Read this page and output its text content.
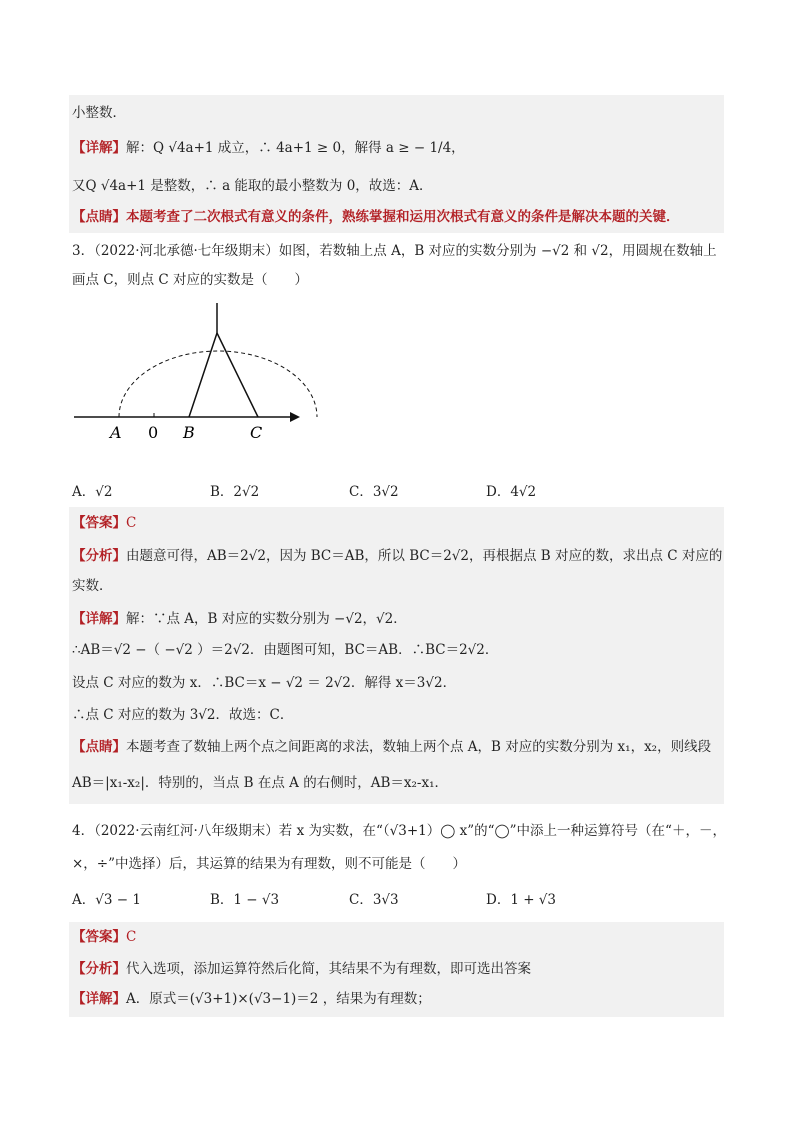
小整数．
【详解】解：Q √4a+1 成立，∴ 4a+1 ≥ 0，解得 a ≥ − 1/4，
又Q √4a+1 是整数，∴ a 能取的最小整数为 0，故选：A．
【点睛】本题考查了二次根式有意义的条件，熟练掌握和运用次根式有意义的条件是解决本题的关键．
3．（2022·河北承德·七年级期末）如图，若数轴上点 A，B 对应的实数分别为 −√2 和 √2，用圆规在数轴上
画点 C，则点 C 对应的实数是（　　）
A 0 B	C
A．√2	B．2√2	C．3√2	D．4√2
【答案】C
【分析】由题意可得，AB＝2√2，因为 BC＝AB，所以 BC＝2√2，再根据点 B 对应的数，求出点 C 对应的
实数．
【详解】解：∵点 A，B 对应的实数分别为 −√2，√2．
∴AB＝√2 −（ −√2 ）＝2√2．由题图可知，BC＝AB．∴BC＝2√2．
设点 C 对应的数为 x．∴BC＝x − √2 ＝ 2√2．解得 x＝3√2．
∴点 C 对应的数为 3√2．故选：C．
【点睛】本题考查了数轴上两个点之间距离的求法，数轴上两个点 A，B 对应的实数分别为 x₁，x₂，则线段
AB＝|x₁-x₂|．特别的，当点 B 在点 A 的右侧时，AB＝x₂-x₁．
4．（2022·云南红河·八年级期末）若 x 为实数，在“（√3+1）◯ x”的“◯”中添上一种运算符号（在“＋，－，
×，÷”中选择）后，其运算的结果为有理数，则不可能是（　　）
A．√3 − 1	B．1 − √3	C．3√3	D．1 + √3
【答案】C
【分析】代入选项，添加运算符然后化简，其结果不为有理数，即可选出答案
【详解】A．原式＝(√3+1)×(√3−1)＝2 ，结果为有理数；
